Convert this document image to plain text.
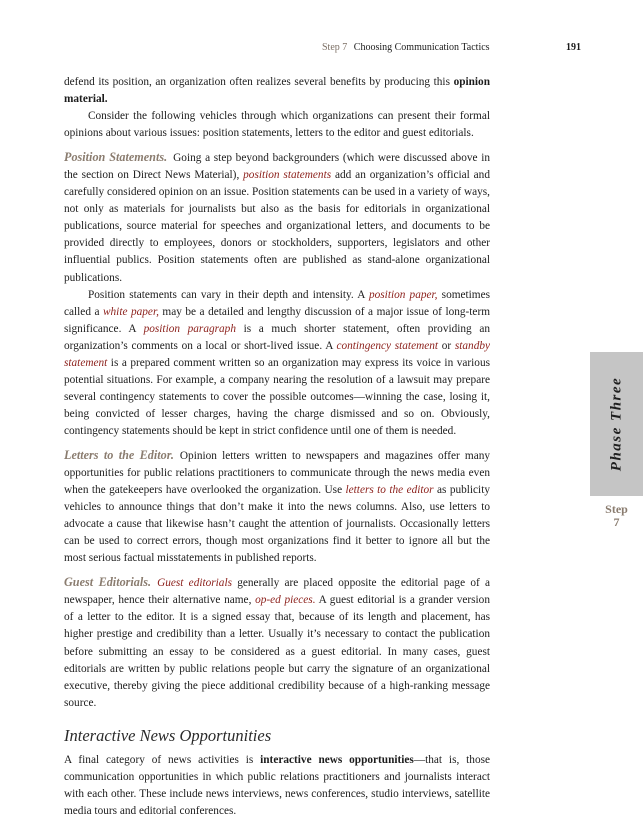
Step 7 Choosing Communication Tactics	191

defend its position, an organization often realizes several benefits by producing this opinion material.

Consider the following vehicles through which organizations can present their formal opinions about various issues: position statements, letters to the editor and guest editorials.

Position Statements. Going a step beyond backgrounders (which were discussed above in the section on Direct News Material), position statements add an organization’s official and carefully considered opinion on an issue. Position statements can be used in a variety of ways, not only as materials for journalists but also as the basis for editorials in organizational publications, source material for speeches and organizational letters, and documents to be provided directly to employees, donors or stockholders, supporters, legislators and other influential publics. Position statements often are published as stand-alone organizational publications.

Position statements can vary in their depth and intensity. A position paper, sometimes called a white paper, may be a detailed and lengthy discussion of a major issue of long-term significance. A position paragraph is a much shorter statement, often providing an organization’s comments on a local or short-lived issue. A contingency statement or standby statement is a prepared comment written so an organization may express its voice in various potential situations. For example, a company nearing the resolution of a lawsuit may prepare several contingency statements to cover the possible outcomes—winning the case, losing it, being convicted of lesser charges, having the charge dismissed and so on. Obviously, contingency statements should be kept in strict confidence until one of them is needed.

Letters to the Editor. Opinion letters written to newspapers and magazines offer many opportunities for public relations practitioners to communicate through the news media even when the gatekeepers have overlooked the organization. Use letters to the editor as publicity vehicles to announce things that don’t make it into the news columns. Also, use letters to advocate a cause that likewise hasn’t caught the attention of journalists. Occasionally letters can be used to correct errors, though most organizations find it better to ignore all but the most serious factual misstatements in published reports.

Guest Editorials. Guest editorials generally are placed opposite the editorial page of a newspaper, hence their alternative name, op-ed pieces. A guest editorial is a grander version of a letter to the editor. It is a signed essay that, because of its length and placement, has higher prestige and credibility than a letter. Usually it’s necessary to contact the publication before submitting an essay to be considered as a guest editorial. In many cases, guest editorials are written by public relations people but carry the signature of an organizational executive, thereby giving the piece additional credibility because of a high-ranking message source.

Interactive News Opportunities

A final category of news activities is interactive news opportunities—that is, those communication opportunities in which public relations practitioners and journalists interact with each other. These include news interviews, news conferences, studio interviews, satellite media tours and editorial conferences.

Phase Three
Step
7
